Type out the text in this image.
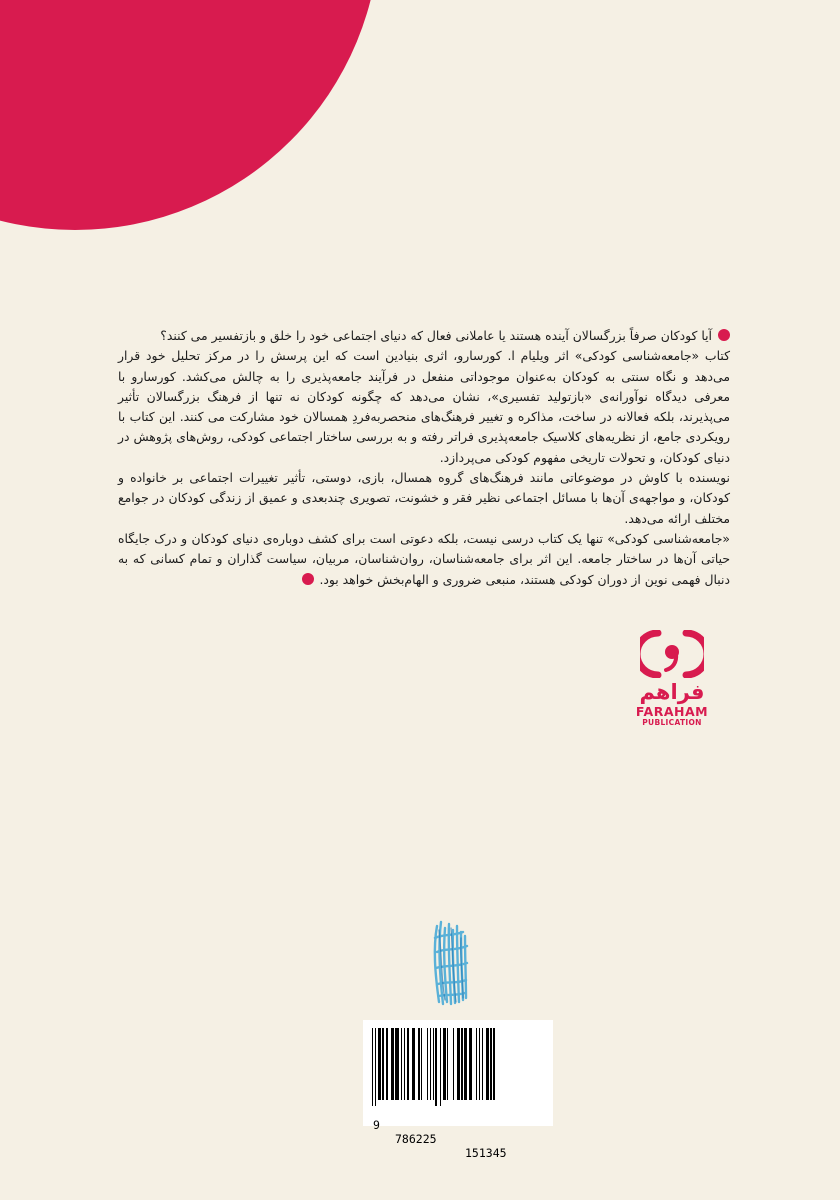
آیا کودکان صرفاً بزرگسالان آینده هستند یا عاملانی فعال که دنیای اجتماعی خود را خلق و بازتفسیر می کنند؟

کتاب «جامعه‌شناسی کودکی» اثر ویلیام ا. کورسارو، اثری بنیادین است که این پرسش را در مرکز تحلیل خود قرار می‌دهد و نگاه سنتی به کودکان به‌عنوان موجوداتی منفعل در فرآیند جامعه‌پذیری را به چالش می‌کشد. کورسارو با معرفی دیدگاه نوآورانه‌ی «بازتولید تفسیری»، نشان می‌دهد که چگونه کودکان نه تنها از فرهنگ بزرگسالان تأثیر می‌پذیرند، بلکه فعالانه در ساخت، مذاکره و تغییر فرهنگ‌های منحصربه‌فردِ همسالان خود مشارکت می کنند. این کتاب با رویکردی جامع، از نظریه‌های کلاسیک جامعه‌پذیری فراتر رفته و به بررسی ساختار اجتماعی کودکی، روش‌های پژوهش در دنیای کودکان، و تحولات تاریخی مفهوم کودکی می‌پردازد.

نویسنده با کاوش در موضوعاتی مانند فرهنگ‌های گروه همسال، بازی، دوستی، تأثیر تغییرات اجتماعی بر خانواده و کودکان، و مواجهه‌ی آن‌ها با مسائل اجتماعی نظیر فقر و خشونت، تصویری چندبعدی و عمیق از زندگی کودکان در جوامع مختلف ارائه می‌دهد.

«جامعه‌شناسی کودکی» تنها یک کتاب درسی نیست، بلکه دعوتی است برای کشف دوباره‌ی دنیای کودکان و درک جایگاه حیاتی آن‌ها در ساختار جامعه. این اثر برای جامعه‌شناسان، روان‌شناسان، مربیان، سیاست گذاران و تمام کسانی که به دنبال فهمی نوین از دوران کودکی هستند، منبعی ضروری و الهام‌بخش خواهد بود.

فراهم
FARAHAM
PUBLICATION

9

786225

151345
